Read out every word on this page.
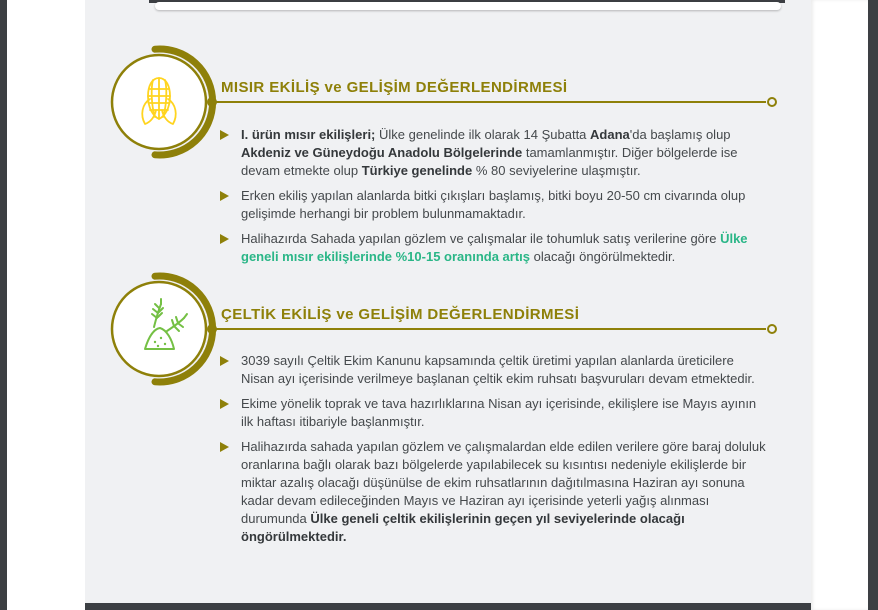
MISIR EKİLİŞ ve GELİŞİM DEĞERLENDİRMESİ
I. ürün mısır ekilişleri; Ülke genelinde ilk olarak 14 Şubatta Adana'da başlamış olup Akdeniz ve Güneydoğu Anadolu Bölgelerinde tamamlanmıştır. Diğer bölgelerde ise devam etmekte olup Türkiye genelinde % 80 seviyelerine ulaşmıştır.
Erken ekiliş yapılan alanlarda bitki çıkışları başlamış, bitki boyu 20-50 cm civarında olup gelişimde herhangi bir problem bulunmamaktadır.
Halihazırda Sahada yapılan gözlem ve çalışmalar ile tohumluk satış verilerine göre Ülke geneli mısır ekilişlerinde %10-15 oranında artış olacağı öngörülmektedir.
ÇELTİK EKİLİŞ ve GELİŞİM DEĞERLENDİRMESİ
3039 sayılı Çeltik Ekim Kanunu kapsamında çeltik üretimi yapılan alanlarda üreticilere Nisan ayı içerisinde verilmeye başlanan çeltik ekim ruhsatı başvuruları devam etmektedir.
Ekime yönelik toprak ve tava hazırlıklarına Nisan ayı içerisinde, ekilişlere ise Mayıs ayının ilk haftası itibariyle başlanmıştır.
Halihazırda sahada yapılan gözlem ve çalışmalardan elde edilen verilere göre baraj doluluk oranlarına bağlı olarak bazı bölgelerde yapılabilecek su kısıntısı nedeniyle ekilişlerde bir miktar azalış olacağı düşünülse de ekim ruhsatlarının dağıtılmasına Haziran ayı sonuna kadar devam edileceğinden Mayıs ve Haziran ayı içerisinde yeterli yağış alınması durumunda Ülke geneli çeltik ekilişlerinin geçen yıl seviyelerinde olacağı öngörülmektedir.
